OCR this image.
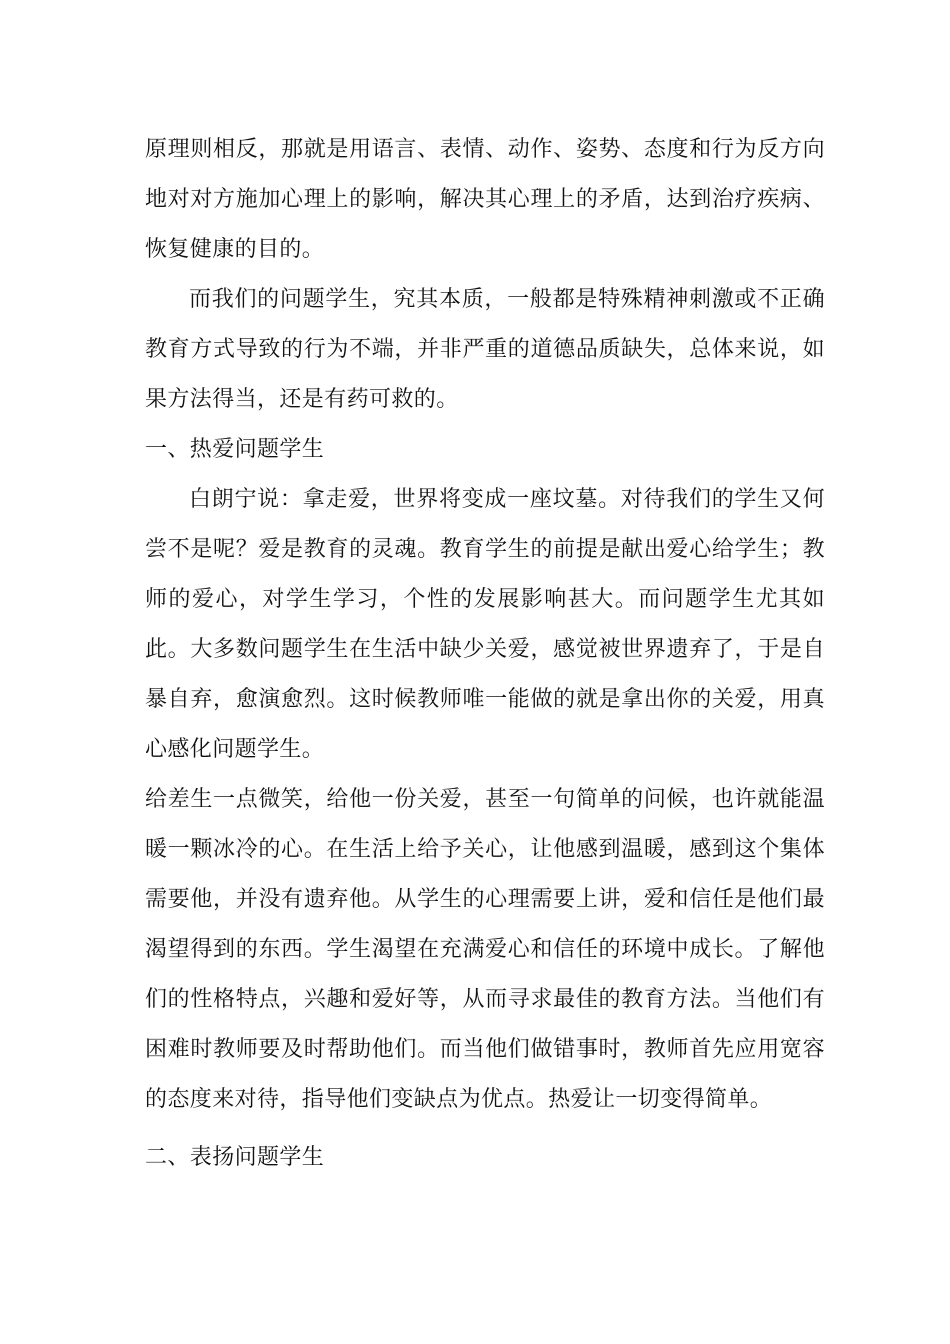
原理则相反，那就是用语言、表情、动作、姿势、态度和行为反方向地对对方施加心理上的影响，解决其心理上的矛盾，达到治疗疾病、恢复健康的目的。

而我们的问题学生，究其本质，一般都是特殊精神刺激或不正确教育方式导致的行为不端，并非严重的道德品质缺失，总体来说，如果方法得当，还是有药可救的。

一、热爱问题学生

白朗宁说：拿走爱，世界将变成一座坟墓。对待我们的学生又何尝不是呢？爱是教育的灵魂。教育学生的前提是献出爱心给学生；教师的爱心，对学生学习，个性的发展影响甚大。而问题学生尤其如此。大多数问题学生在生活中缺少关爱，感觉被世界遗弃了，于是自暴自弃，愈演愈烈。这时候教师唯一能做的就是拿出你的关爱，用真心感化问题学生。

给差生一点微笑，给他一份关爱，甚至一句简单的问候，也许就能温暖一颗冰冷的心。在生活上给予关心，让他感到温暖，感到这个集体需要他，并没有遗弃他。从学生的心理需要上讲，爱和信任是他们最渴望得到的东西。学生渴望在充满爱心和信任的环境中成长。了解他们的性格特点，兴趣和爱好等，从而寻求最佳的教育方法。当他们有困难时教师要及时帮助他们。而当他们做错事时，教师首先应用宽容的态度来对待，指导他们变缺点为优点。热爱让一切变得简单。

二、表扬问题学生
